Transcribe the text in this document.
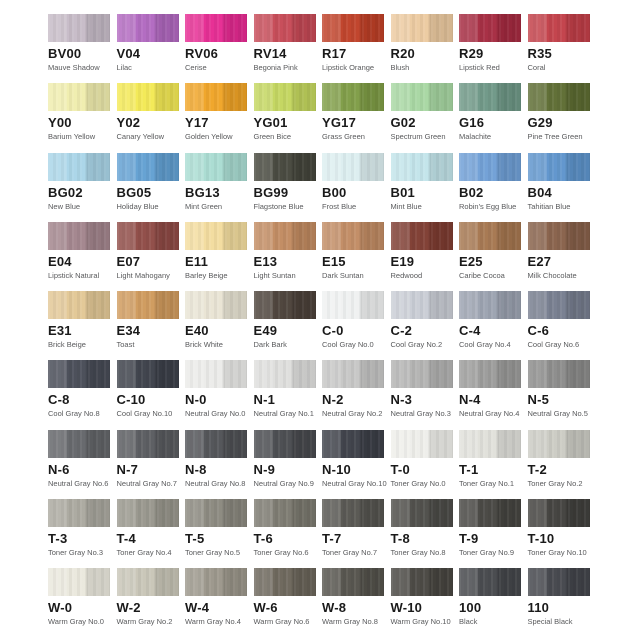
BV00
Mauve Shadow
V04
Lilac
RV06
Cerise
RV14
Begonia Pink
R17
Lipstick Orange
R20
Blush
R29
Lipstick Red
R35
Coral
Y00
Barium Yellow
Y02
Canary Yellow
Y17
Golden Yellow
YG01
Green Bice
YG17
Grass Green
G02
Spectrum Green
G16
Malachite
G29
Pine Tree Green
BG02
New Blue
BG05
Holiday Blue
BG13
Mint Green
BG99
Flagstone Blue
B00
Frost Blue
B01
Mint Blue
B02
Robin's Egg Blue
B04
Tahitian Blue
E04
Lipstick Natural
E07
Light Mahogany
E11
Barley Beige
E13
Light Suntan
E15
Dark Suntan
E19
Redwood
E25
Caribe Cocoa
E27
Milk Chocolate
E31
Brick Beige
E34
Toast
E40
Brick White
E49
Dark Bark
C-0
Cool Gray No.0
C-2
Cool Gray No.2
C-4
Cool Gray No.4
C-6
Cool Gray No.6
C-8
Cool Gray No.8
C-10
Cool Gray No.10
N-0
Neutral Gray No.0
N-1
Neutral Gray No.1
N-2
Neutral Gray No.2
N-3
Neutral Gray No.3
N-4
Neutral Gray No.4
N-5
Neutral Gray No.5
N-6
Neutral Gray No.6
N-7
Neutral Gray No.7
N-8
Neutral Gray No.8
N-9
Neutral Gray No.9
N-10
Neutral Gray No.10
T-0
Toner Gray No.0
T-1
Toner Gray No.1
T-2
Toner Gray No.2
T-3
Toner Gray No.3
T-4
Toner Gray No.4
T-5
Toner Gray No.5
T-6
Toner Gray No.6
T-7
Toner Gray No.7
T-8
Toner Gray No.8
T-9
Toner Gray No.9
T-10
Toner Gray No.10
W-0
Warm Gray No.0
W-2
Warm Gray No.2
W-4
Warm Gray No.4
W-6
Warm Gray No.6
W-8
Warm Gray No.8
W-10
Warm Gray No.10
100
Black
110
Special Black
